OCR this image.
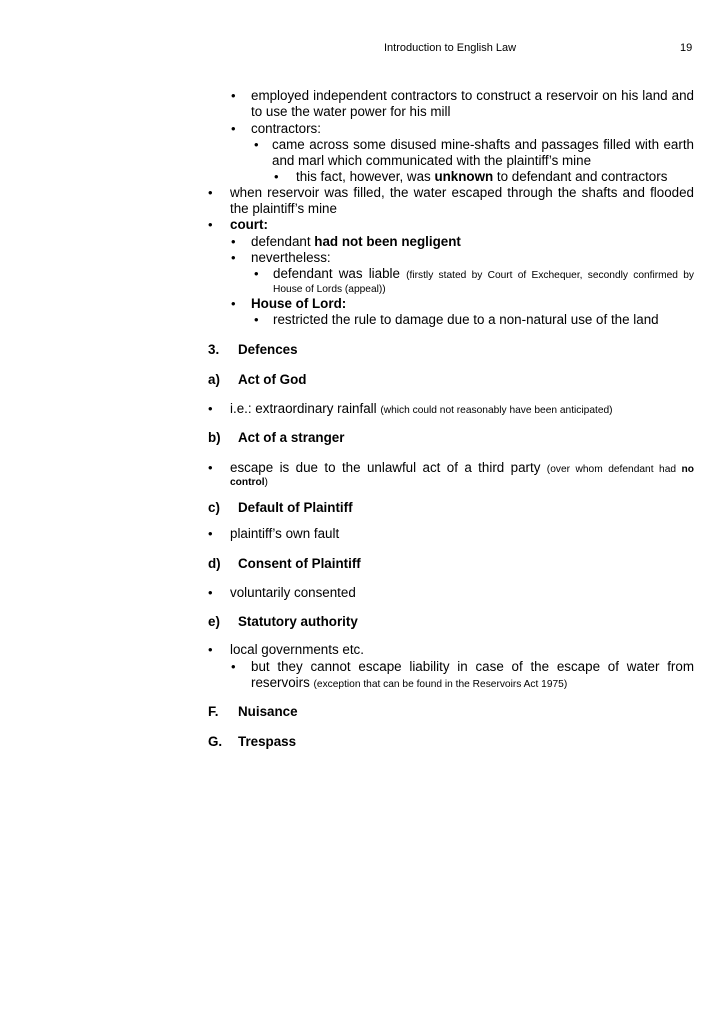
Introduction to English Law	19
• employed independent contractors to construct a reservoir on his land and
to use the water power for his mill
• contractors:
• came across some disused mine-shafts and passages filled with earth
and marl which communicated with the plaintiff’s mine
• this fact, however, was unknown to defendant and contractors
• when reservoir was filled, the water escaped through the shafts and flooded
the plaintiff’s mine
• court:
• defendant had not been negligent
• nevertheless:
• defendant was liable (firstly stated by Court of Exchequer, secondly confirmed by
House of Lords (appeal))
• House of Lord:
• restricted the rule to damage due to a non-natural use of the land
3. Defences
a) Act of God
• i.e.: extraordinary rainfall (which could not reasonably have been anticipated)
b) Act of a stranger
• escape is due to the unlawful act of a third party (over whom defendant had no
control)
c) Default of Plaintiff
• plaintiff’s own fault
d) Consent of Plaintiff
• voluntarily consented
e) Statutory authority
• local governments etc.
• but they cannot escape liability in case of the escape of water from
reservoirs (exception that can be found in the Reservoirs Act 1975)
F. Nuisance
G. Trespass
